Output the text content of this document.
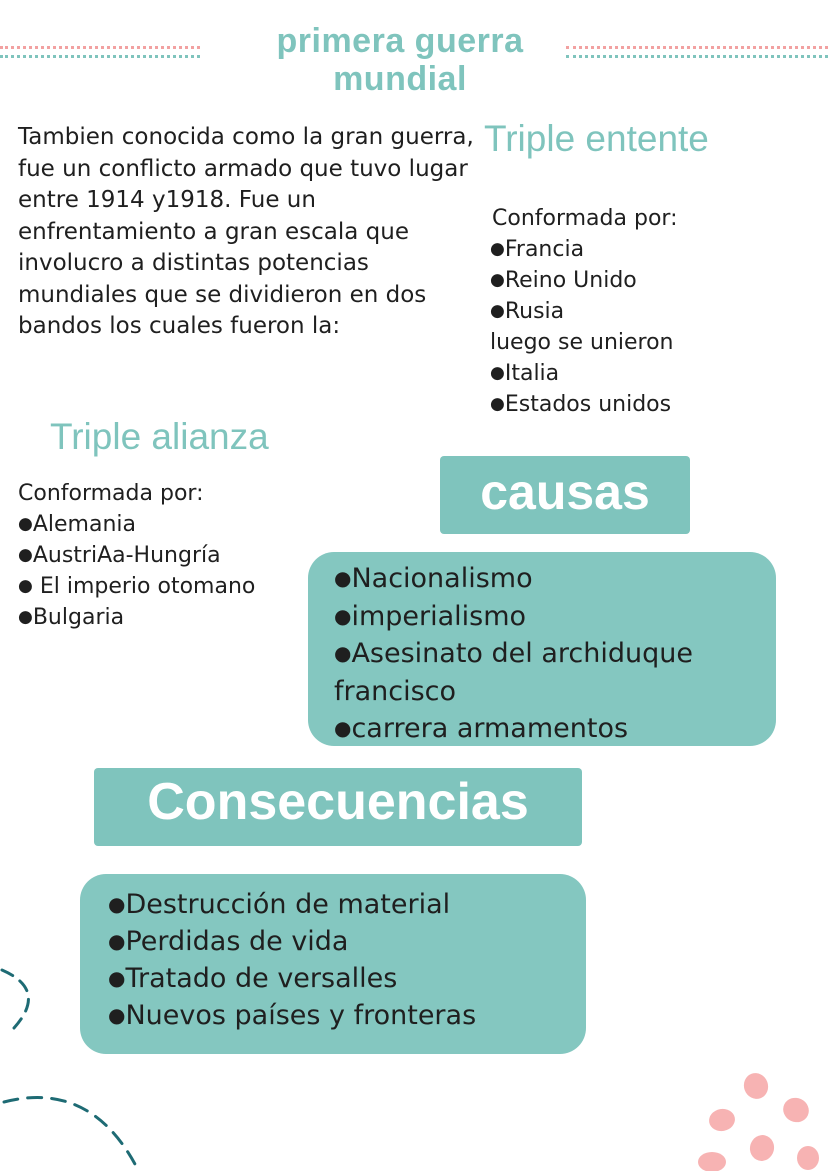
primera guerra
mundial
Tambien conocida como la gran guerra, fue un conflicto armado que tuvo lugar entre 1914 y1918. Fue un enfrentamiento a gran escala que involucro a distintas potencias mundiales que se dividieron en dos bandos los cuales fueron la:
Triple entente
Conformada por:
● Francia
● Reino Unido
● Rusia
luego se unieron
● Italia
● Estados unidos
Triple alianza
Conformada por:
● Alemania
● AustriAa-Hungría
●  El imperio otomano
● Bulgaria
causas
● Nacionalismo
● imperialismo
● Asesinato del archiduque francisco
● carrera armamentos
Consecuencias
● Destrucción de material
● Perdidas de vida
● Tratado de versalles
● Nuevos países y fronteras
